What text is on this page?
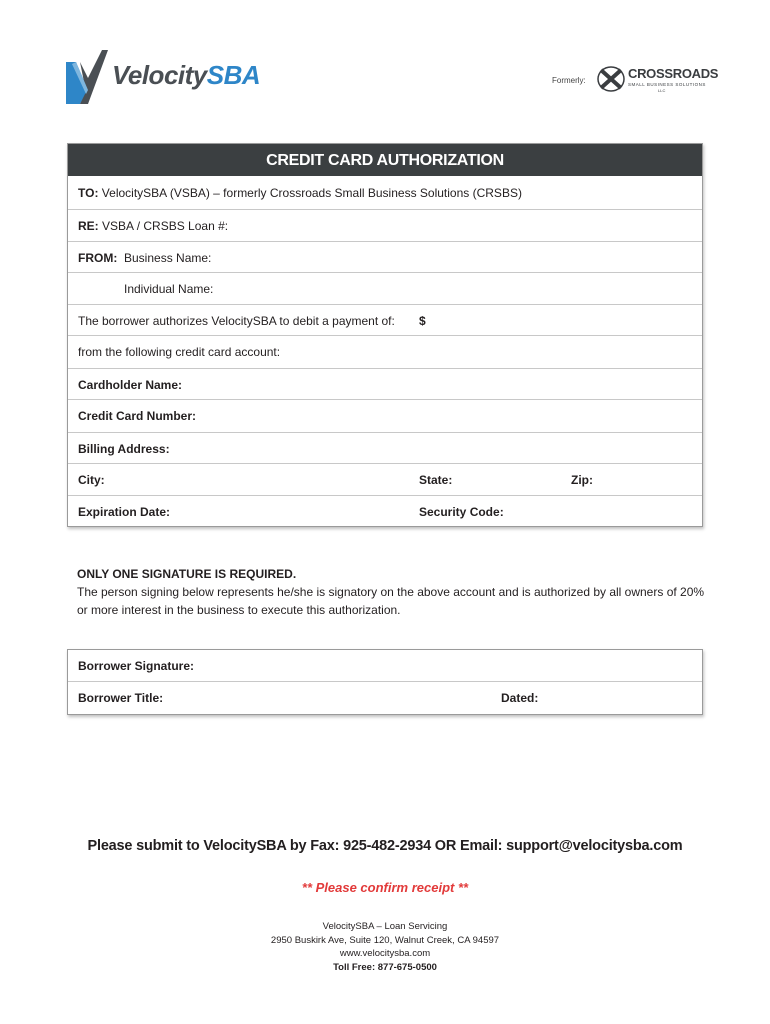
VelocitySBA	Formerly:	CROSSROADS
SMALL BUSINESS SOLUTIONS
LLC
CREDIT CARD AUTHORIZATION
TO: VelocitySBA (VSBA) – formerly Crossroads Small Business Solutions (CRSBS)
RE: VSBA / CRSBS Loan #:
FROM: Business Name:
Individual Name:
The borrower authorizes VelocitySBA to debit a payment of: $
from the following credit card account:
Cardholder Name:
Credit Card Number:
Billing Address:
City:	State:	Zip:
Expiration Date:	Security Code:
ONLY ONE SIGNATURE IS REQUIRED.
The person signing below represents he/she is signatory on the above account and is authorized by all owners of 20% or more interest in the business to execute this authorization.
Borrower Signature:
Borrower Title:	Dated:
Please submit to VelocitySBA by Fax: 925-482-2934 OR Email: support@velocitysba.com
** Please confirm receipt **
VelocitySBA – Loan Servicing
2950 Buskirk Ave, Suite 120, Walnut Creek, CA 94597
www.velocitysba.com
Toll Free: 877-675-0500
